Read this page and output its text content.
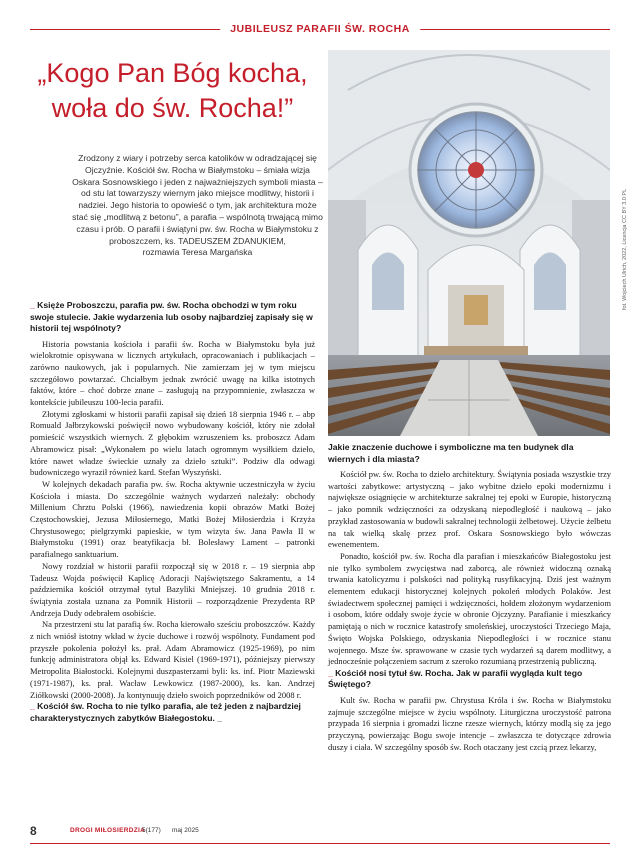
JUBILEUSZ PARAFII ŚW. ROCHA
„Kogo Pan Bóg kocha,
woła do św. Rocha!”

Zrodzony z wiary i potrzeby serca katolików w odradzającej się Ojczyźnie. Kościół św. Rocha w Białymstoku – śmiała wizja Oskara Sosnowskiego i jeden z najważniejszych symboli miasta – od stu lat towarzyszy wiernym jako miejsce modlitwy, historii i nadziei. Jego historia to opowieść o tym, jak architektura może stać się „modlitwą z betonu”, a parafia – wspólnotą trwającą mimo czasu i prób. O parafii i świątyni pw. św. Rocha w Białymstoku z proboszczem, ks. TADEUSZEM ŻDANUKIEM,
rozmawia Teresa Margańska	fot. Wojciech Ulrich, 2022, Licencja CC BY 3.0 PL

_ Księże Proboszczu, parafia pw. św. Rocha obchodzi w tym roku swoje stulecie. Jakie wydarzenia lub osoby najbardziej zapisały się w historii tej wspólnoty?

Historia powstania kościoła i parafii św. Rocha w Białymstoku była już wielokrotnie opisywana w licznych artykułach, opracowaniach i publikacjach – zarówno naukowych, jak i popularnych. Nie zamierzam jej w tym miejscu szczegółowo powtarzać. Chciałbym jednak zwrócić uwagę na kilka istotnych faktów, które – choć dobrze znane – zasługują na przypomnienie, zwłaszcza w kontekście jubileuszu 100-lecia parafii.

Złotymi zgłoskami w historii parafii zapisał się dzień 18 sierpnia 1946 r. – abp Romuald Jałbrzykowski poświęcił nowo wybudowany kościół, który nie zdołał pomieścić wszystkich wiernych. Z głębokim wzruszeniem ks. proboszcz Adam Abramowicz pisał: „Wykonałem po wielu latach ogromnym wysiłkiem dzieło, które nawet władze świeckie uznały za dzieło sztuki”. Podziw dla odwagi budowniczego wyraził również kard. Stefan Wyszyński.

W kolejnych dekadach parafia pw. św. Rocha aktywnie uczestniczyła w życiu Kościoła i miasta. Do szczególnie ważnych wydarzeń należały: obchody Millenium Chrztu Polski (1966), nawiedzenia kopii obrazów Matki Bożej Częstochowskiej, Jezusa Miłosiernego, Matki Bożej Miłosierdzia i Krzyża Chrystusowego; pielgrzymki papieskie, w tym wizyta św. Jana Pawła II w Białymstoku (1991) oraz beatyfikacja bł. Bolesławy Lament – patronki parafialnego sanktuarium.

Nowy rozdział w historii parafii rozpoczął się w 2018 r. – 19 sierpnia abp Tadeusz Wojda poświęcił Kaplicę Adoracji Najświętszego Sakramentu, a 14 października kościół otrzymał tytuł Bazyliki Mniejszej. 10 grudnia 2018 r. świątynia została uznana za Pomnik Historii – rozporządzenie Prezydenta RP Andrzeja Dudy odebrałem osobiście.

Na przestrzeni stu lat parafią św. Rocha kierowało sześciu proboszczów. Każdy z nich wniósł istotny wkład w życie duchowe i rozwój wspólnoty. Fundament pod przyszłe pokolenia położył ks. prał. Adam Abramowicz (1925-1969), po nim funkcję administratora objął ks. Edward Kisiel (1969-1971), późniejszy pierwszy Metropolita Białostocki. Kolejnymi duszpasterzami byli: ks. inf. Piotr Maziewski (1971-1987), ks. prał. Wacław Lewkowicz (1987-2000), ks. kan. Andrzej Ziółkowski (2000-2008). Ja kontynuuję dzieło swoich poprzedników od 2008 r.

_ Kościół św. Rocha to nie tylko parafia, ale też jeden z najbardziej charakterystycznych zabytków Białegostoku. _

Jakie znaczenie duchowe i symboliczne ma ten budynek dla wiernych i dla miasta?

Kościół pw. św. Rocha to dzieło architektury. Świątynia posiada wszystkie trzy wartości zabytkowe: artystyczną – jako wybitne dzieło epoki modernizmu i największe osiągnięcie w architekturze sakralnej tej epoki w Europie, historyczną – jako pomnik wdzięczności za odzyskaną niepodległość i naukową – jako przykład zastosowania w budowli sakralnej technologii żelbetowej. Użycie żelbetu na tak wielką skalę przez prof. Oskara Sosnowskiego było wówczas ewenementem.

Ponadto, kościół pw. św. Rocha dla parafian i mieszkańców Białegostoku jest nie tylko symbolem zwycięstwa nad zaborcą, ale również widoczną oznaką trwania katolicyzmu i polskości nad polityką rusyfikacyjną. Dziś jest ważnym elementem edukacji historycznej kolejnych pokoleń młodych Polaków. Jest świadectwem społecznej pamięci i wdzięczności, hołdem złożonym wydarzeniom i osobom, które oddały swoje życie w obronie Ojczyzny. Parafianie i mieszkańcy pamiętają o nich w rocznice katastrofy smoleńskiej, uroczystości Trzeciego Maja, Święto Wojska Polskiego, odzyskania Niepodległości i w rocznice stanu wojennego. Msze św. sprawowane w czasie tych wydarzeń są darem modlitwy, a jednocześnie połączeniem sacrum z szeroko rozumianą przestrzenią publiczną.

_ Kościół nosi tytuł św. Rocha. Jak w parafii wygląda kult tego Świętego?

Kult św. Rocha w parafii pw. Chrystusa Króla i św. Rocha w Białymstoku zajmuje szczególne miejsce w życiu wspólnoty. Liturgiczna uroczystość patrona przypada 16 sierpnia i gromadzi liczne rzesze wiernych, którzy modlą się za jego przyczyną, powierzając Bogu swoje intencje – zwłaszcza te dotyczące zdrowia duszy i ciała. W szczególny sposób św. Roch otaczany jest czcią przez lekarzy,

8	DROGI MIŁOSIERDZIA
5(177) maj 2025
